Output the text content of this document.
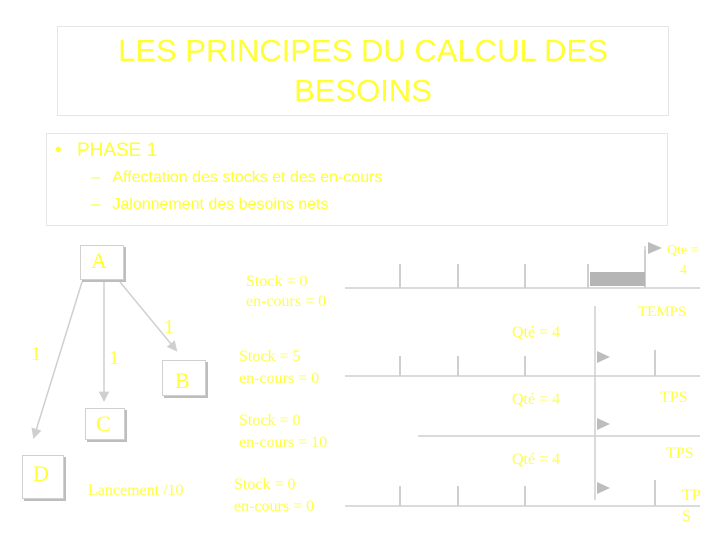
LES PRINCIPES DU CALCUL DES BESOINS
• PHASE 1
– Affectation des stocks et des en-cours
– Jalonnement des besoins nets
A
B
C
D
1
1	1
Lancement /10
Stock = 0
en-cours = 0
Stock = 5
en-cours = 0
Stock = 0
en-cours = 10
Stock = 0
en-cours = 0
Qte =
4
TEMPS
Qté = 4
Qté = 4
Qté = 4
TPS
TPS
TP
S
